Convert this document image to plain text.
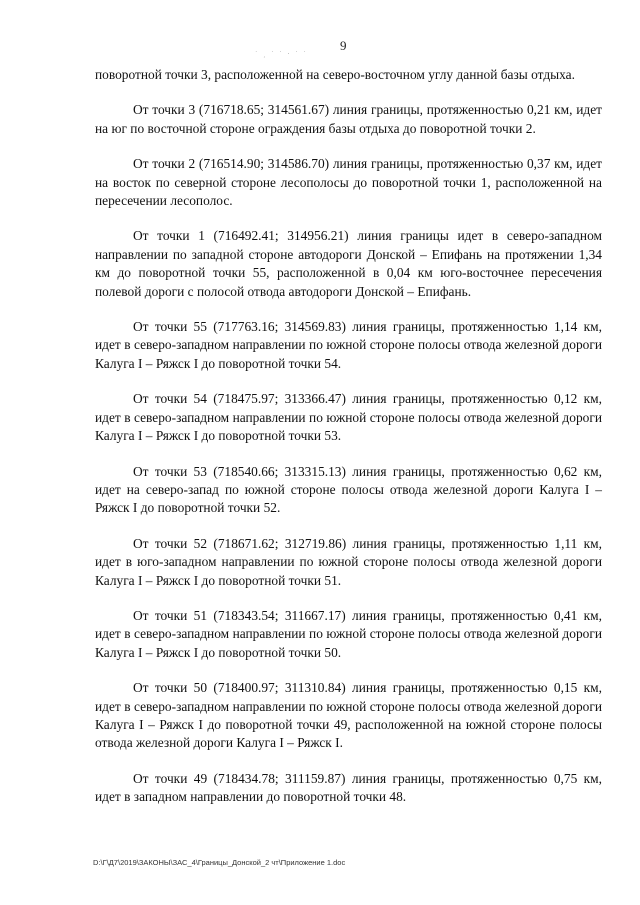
9
˙ ͵ ˙ ˙ · ˙ ˙

поворотной точки 3, расположенной на северо-восточном углу данной базы отдыха.

От точки 3 (716718.65; 314561.67) линия границы, протяженностью 0,21 км, идет на юг по восточной стороне ограждения базы отдыха до поворотной точки 2.

От точки 2 (716514.90; 314586.70) линия границы, протяженностью 0,37 км, идет на восток по северной стороне лесополосы до поворотной точки 1, расположенной на пересечении лесополос.

От точки 1 (716492.41; 314956.21) линия границы идет в северо-западном направлении по западной стороне автодороги Донской – Епифань на протяжении 1,34 км до поворотной точки 55, расположенной в 0,04 км юго-восточнее пересечения полевой дороги с полосой отвода автодороги Донской – Епифань.

От точки 55 (717763.16; 314569.83) линия границы, протяженностью 1,14 км, идет в северо-западном направлении по южной стороне полосы отвода железной дороги Калуга I – Ряжск I до поворотной точки 54.

От точки 54 (718475.97; 313366.47) линия границы, протяженностью 0,12 км, идет в северо-западном направлении по южной стороне полосы отвода железной дороги Калуга I – Ряжск I до поворотной точки 53.

От точки 53 (718540.66; 313315.13) линия границы, протяженностью 0,62 км, идет на северо-запад по южной стороне полосы отвода железной дороги Калуга I – Ряжск I до поворотной точки 52.

От точки 52 (718671.62; 312719.86) линия границы, протяженностью 1,11 км, идет в юго-западном направлении по южной стороне полосы отвода железной дороги Калуга I – Ряжск I до поворотной точки 51.

От точки 51 (718343.54; 311667.17) линия границы, протяженностью 0,41 км, идет в северо-западном направлении по южной стороне полосы отвода железной дороги Калуга I – Ряжск I до поворотной точки 50.

От точки 50 (718400.97; 311310.84) линия границы, протяженностью 0,15 км, идет в северо-западном направлении по южной стороне полосы отвода железной дороги Калуга I – Ряжск I до поворотной точки 49, расположенной на южной стороне полосы отвода железной дороги Калуга I – Ряжск I.

От точки 49 (718434.78; 311159.87) линия границы, протяженностью 0,75 км, идет в западном направлении до поворотной точки 48.

D:\Г\Д7\2019\ЗАКОНЫ\ЗАС_4\Границы_Донской_2 чт\Приложение 1.doc
